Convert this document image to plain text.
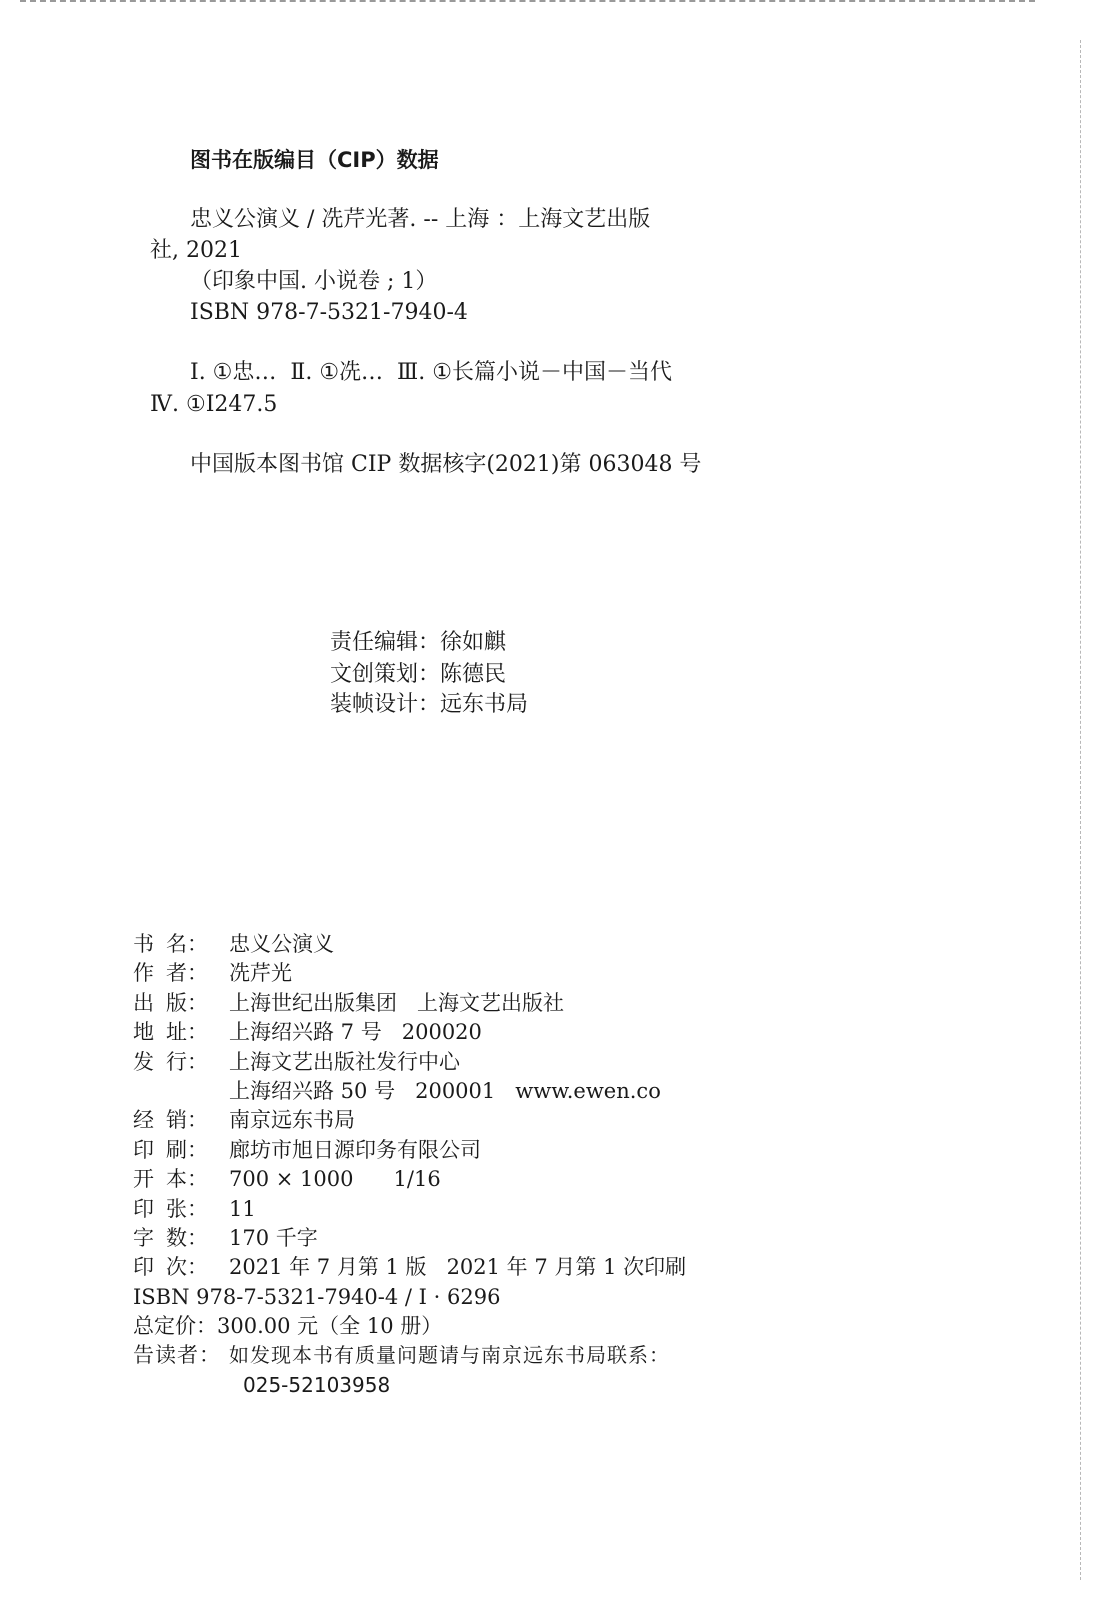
图书在版编目（CIP）数据
忠义公演义 / 冼芹光著. -- 上海 ：上海文艺出版
社, 2021
（印象中国. 小说卷 ; 1）
ISBN 978-7-5321-7940-4
Ⅰ. ①忠…  Ⅱ. ①冼…  Ⅲ. ①长篇小说－中国－当代
Ⅳ. ①I247.5
中国版本图书馆 CIP 数据核字(2021)第 063048 号
责任编辑：徐如麒
文创策划：陈德民
装帧设计：远东书局
书 名： 忠义公演义
作 者： 冼芹光
出 版： 上海世纪出版集团   上海文艺出版社
地 址： 上海绍兴路 7 号   200020
发 行： 上海文艺出版社发行中心
上海绍兴路 50 号   200001   www.ewen.co
经 销： 南京远东书局
印 刷： 廊坊市旭日源印务有限公司
开 本： 700 × 1000      1/16
印 张： 11
字 数： 170 千字
印 次： 2021 年 7 月第 1 版   2021 年 7 月第 1 次印刷
ISBN 978-7-5321-7940-4 / I · 6296
总定价：300.00 元（全 10 册）
告读者： 如发现本书有质量问题请与南京远东书局联系：
025-52103958
